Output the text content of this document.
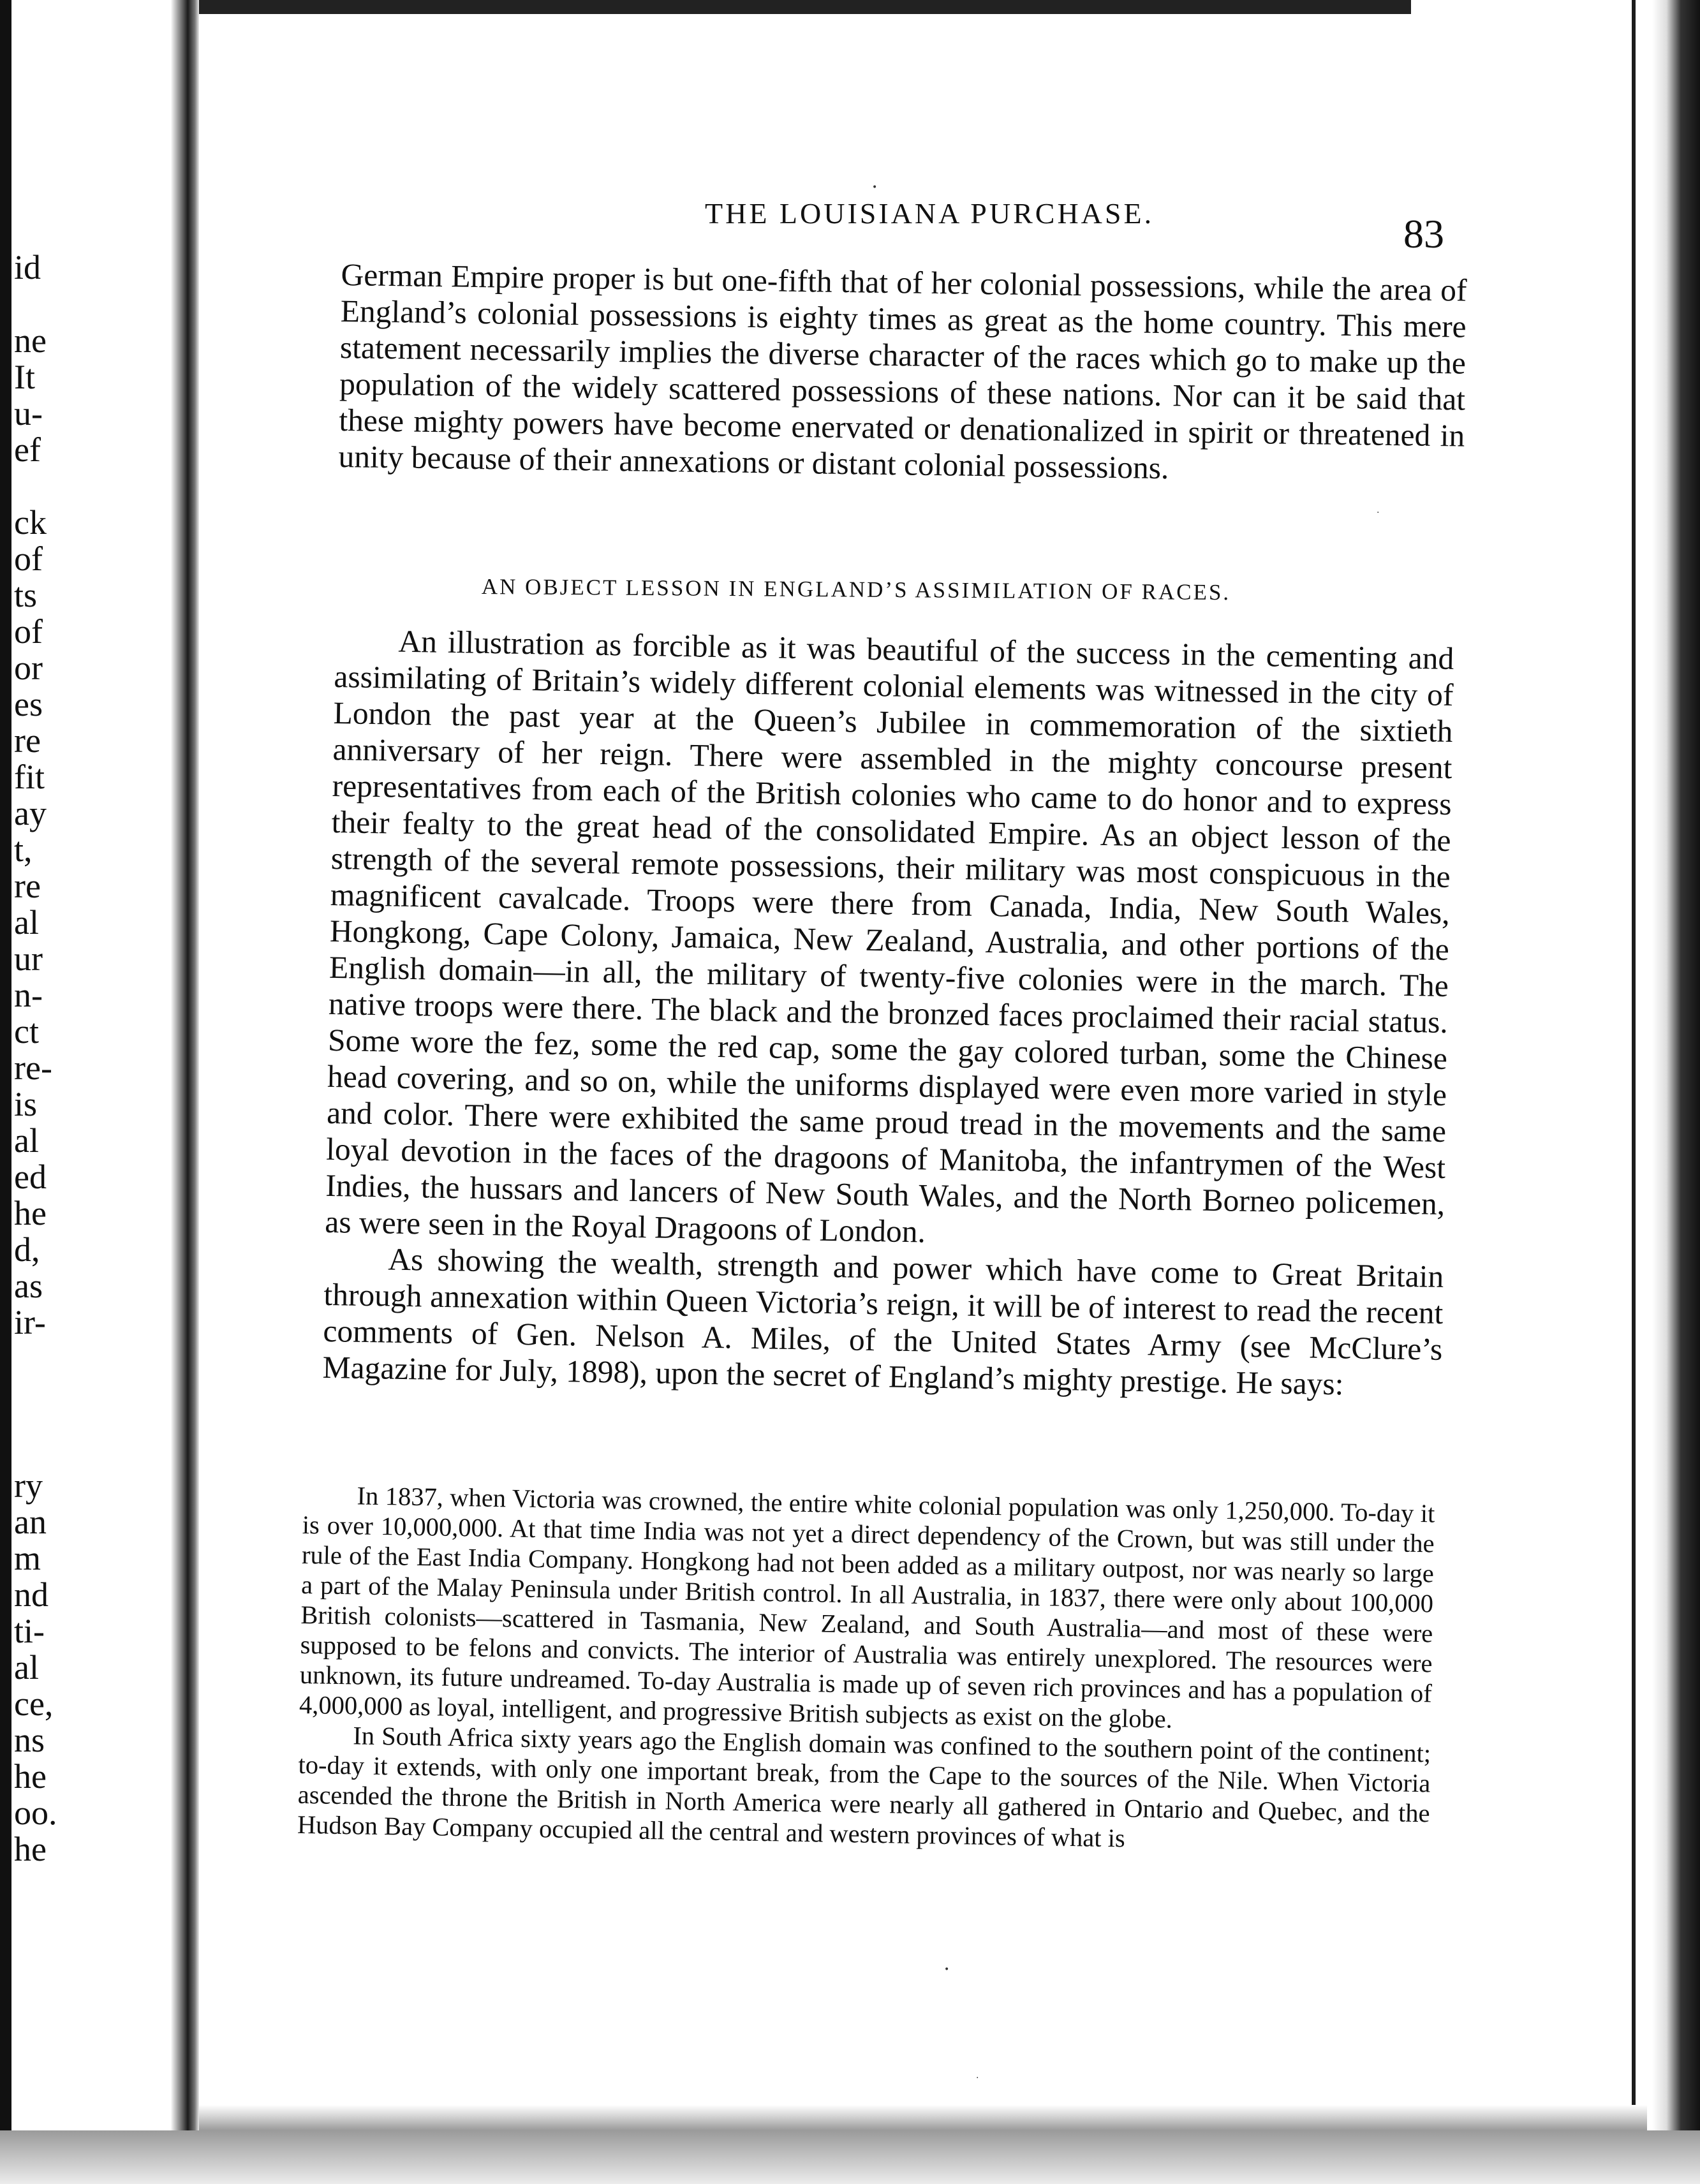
id
ne
It
u-
ef
ck
of
ts
of
or
es
re
fit
ay
t,
re
al
ur
n-
ct
re-
is
al
ed
he
d,
as
ir-
ry
an
m
nd
ti-
al
ce,
ns
he
oo.
he
THE LOUISIANA PURCHASE.	83
German Empire proper is but one-fifth that of her colonial possessions, while the area of England’s colonial possessions is eighty times as great as the home country. This mere statement necessarily implies the diverse character of the races which go to make up the population of the widely scattered possessions of these nations. Nor can it be said that these mighty powers have become enervated or denationalized in spirit or threatened in unity because of their annexations or distant colonial possessions.
AN OBJECT LESSON IN ENGLAND’S ASSIMILATION OF RACES.

An illustration as forcible as it was beautiful of the success in the cementing and assimilating of Britain’s widely different colonial elements was witnessed in the city of London the past year at the Queen’s Jubilee in commemoration of the sixtieth anniversary of her reign. There were assembled in the mighty concourse present representatives from each of the British colonies who came to do honor and to express their fealty to the great head of the consolidated Empire. As an object lesson of the strength of the several remote possessions, their military was most conspicuous in the magnificent cavalcade. Troops were there from Canada, India, New South Wales, Hongkong, Cape Colony, Jamaica, New Zealand, Australia, and other portions of the English domain—in all, the military of twenty-five colonies were in the march. The native troops were there. The black and the bronzed faces proclaimed their racial status. Some wore the fez, some the red cap, some the gay colored turban, some the Chinese head covering, and so on, while the uniforms displayed were even more varied in style and color. There were exhibited the same proud tread in the movements and the same loyal devotion in the faces of the dragoons of Manitoba, the infantrymen of the West Indies, the hussars and lancers of New South Wales, and the North Borneo policemen, as were seen in the Royal Dragoons of London.

As showing the wealth, strength and power which have come to Great Britain through annexation within Queen Victoria’s reign, it will be of interest to read the recent comments of Gen. Nelson A. Miles, of the United States Army (see McClure’s Magazine for July, 1898), upon the secret of England’s mighty prestige. He says:

In 1837, when Victoria was crowned, the entire white colonial population was only 1,250,000. To-day it is over 10,000,000. At that time India was not yet a direct dependency of the Crown, but was still under the rule of the East India Company. Hongkong had not been added as a military outpost, nor was nearly so large a part of the Malay Peninsula under British control. In all Australia, in 1837, there were only about 100,000 British colonists—scattered in Tasmania, New Zealand, and South Australia—and most of these were supposed to be felons and convicts. The interior of Australia was entirely unexplored. The resources were unknown, its future undreamed. To-day Australia is made up of seven rich provinces and has a population of 4,000,000 as loyal, intelligent, and progressive British subjects as exist on the globe.

In South Africa sixty years ago the English domain was confined to the southern point of the continent; to-day it extends, with only one important break, from the Cape to the sources of the Nile. When Victoria ascended the throne the British in North America were nearly all gathered in Ontario and Quebec, and the Hudson Bay Company occupied all the central and western provinces of what is

•
·
•
·
